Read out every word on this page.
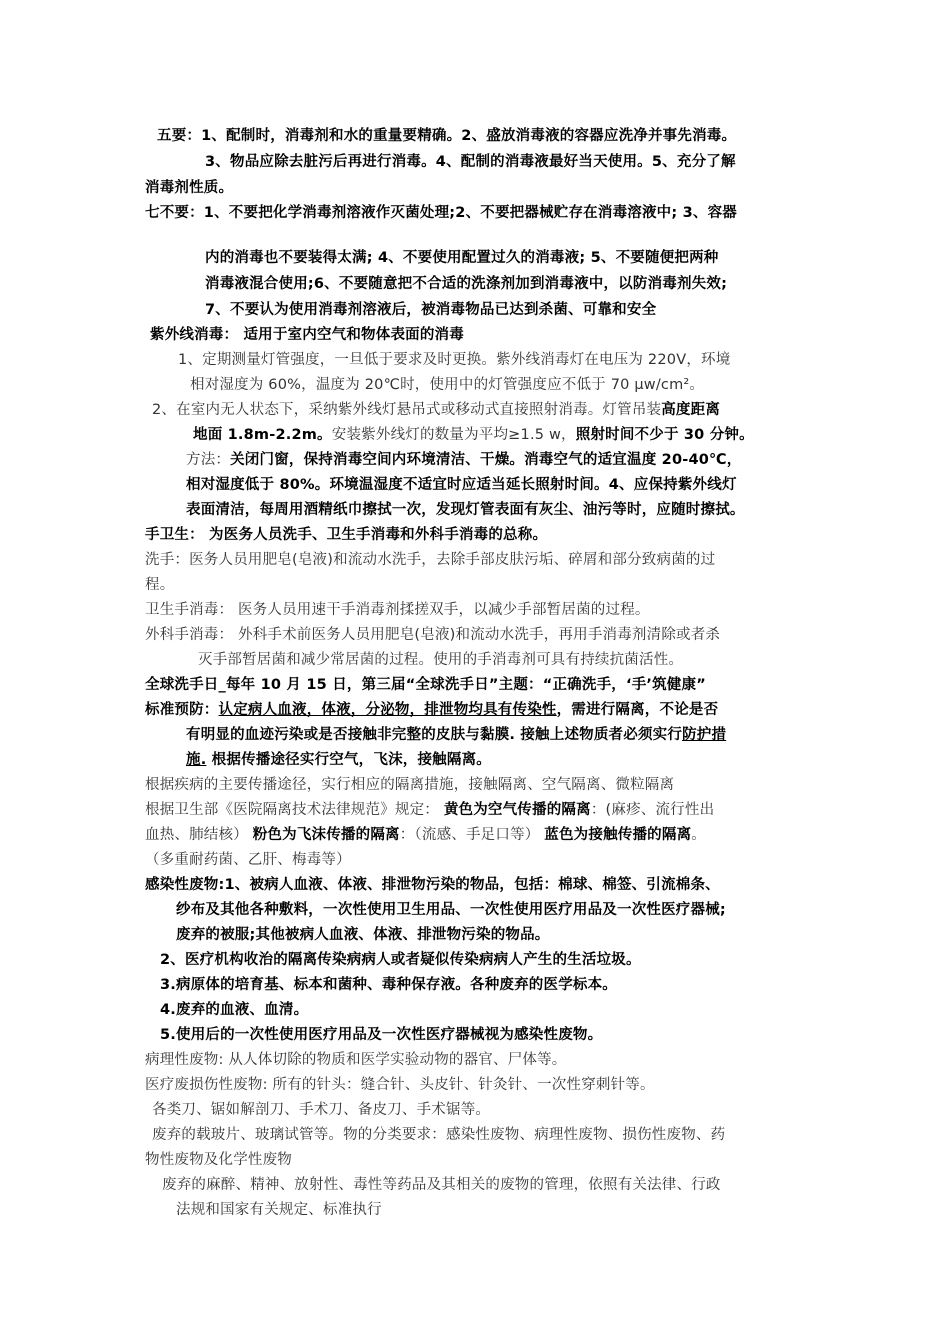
五要：1、配制时，消毒剂和水的重量要精确。2、盛放消毒液的容器应洗净并事先消毒。
3、物品应除去脏污后再进行消毒。4、配制的消毒液最好当天使用。5、充分了解
消毒剂性质。
七不要：1、不要把化学消毒剂溶液作灭菌处理;2、不要把器械贮存在消毒溶液中; 3、容器
内的消毒也不要装得太满; 4、不要使用配置过久的消毒液; 5、不要随便把两种
消毒液混合使用;6、不要随意把不合适的洗涤剂加到消毒液中，以防消毒剂失效;
7、不要认为使用消毒剂溶液后，被消毒物品已达到杀菌、可靠和安全
紫外线消毒： 适用于室内空气和物体表面的消毒
1、定期测量灯管强度，一旦低于要求及时更换。紫外线消毒灯在电压为 220V，环境
相对湿度为 60%，温度为 20℃时，使用中的灯管强度应不低于 70 μw/cm²。
2、在室内无人状态下，采纳紫外线灯悬吊式或移动式直接照射消毒。灯管吊装高度距离
地面 1.8m-2.2m。安装紫外线灯的数量为平均≥1.5 w，照射时间不少于 30 分钟。
方法：关闭门窗，保持消毒空间内环境清洁、干燥。消毒空气的适宜温度 20-40℃，
相对湿度低于 80%。环境温湿度不适宜时应适当延长照射时间。4、应保持紫外线灯
表面清洁，每周用酒精纸巾擦拭一次，发现灯管表面有灰尘、油污等时，应随时擦拭。
手卫生： 为医务人员洗手、卫生手消毒和外科手消毒的总称。
洗手：医务人员用肥皂(皂液)和流动水洗手，去除手部皮肤污垢、碎屑和部分致病菌的过
程。
卫生手消毒： 医务人员用速干手消毒剂揉搓双手，以减少手部暂居菌的过程。
外科手消毒： 外科手术前医务人员用肥皂(皂液)和流动水洗手，再用手消毒剂清除或者杀
灭手部暂居菌和减少常居菌的过程。使用的手消毒剂可具有持续抗菌活性。
全球洗手日_每年 10 月 15 日，第三届“全球洗手日”主题：“正确洗手，‘手’筑健康”
标准预防：认定病人血液，体液，分泌物，排泄物均具有传染性，需进行隔离，不论是否
有明显的血迹污染或是否接触非完整的皮肤与黏膜. 接触上述物质者必须实行防护措
施. 根据传播途径实行空气，飞沫，接触隔离。
根据疾病的主要传播途径，实行相应的隔离措施，接触隔离、空气隔离、微粒隔离
根据卫生部《医院隔离技术法律规范》规定： 黄色为空气传播的隔离：(麻疹、流行性出
血热、肺结核） 粉色为飞沫传播的隔离：（流感、手足口等） 蓝色为接触传播的隔离。
（多重耐药菌、乙肝、梅毒等）
感染性废物:1、被病人血液、体液、排泄物污染的物品，包括：棉球、棉签、引流棉条、
纱布及其他各种敷料，一次性使用卫生用品、一次性使用医疗用品及一次性医疗器械;
废弃的被服;其他被病人血液、体液、排泄物污染的物品。
2、医疗机构收治的隔离传染病病人或者疑似传染病病人产生的生活垃圾。
3.病原体的培育基、标本和菌种、毒种保存液。各种废弃的医学标本。
4.废弃的血液、血清。
5.使用后的一次性使用医疗用品及一次性医疗器械视为感染性废物。
病理性废物: 从人体切除的物质和医学实验动物的器官、尸体等。
医疗废损伤性废物: 所有的针头：缝合针、头皮针、针灸针、一次性穿刺针等。
各类刀、锯如解剖刀、手术刀、备皮刀、手术锯等。
废弃的载玻片、玻璃试管等。物的分类要求：感染性废物、病理性废物、损伤性废物、药
物性废物及化学性废物
废弃的麻醉、精神、放射性、毒性等药品及其相关的废物的管理，依照有关法律、行政
法规和国家有关规定、标准执行
